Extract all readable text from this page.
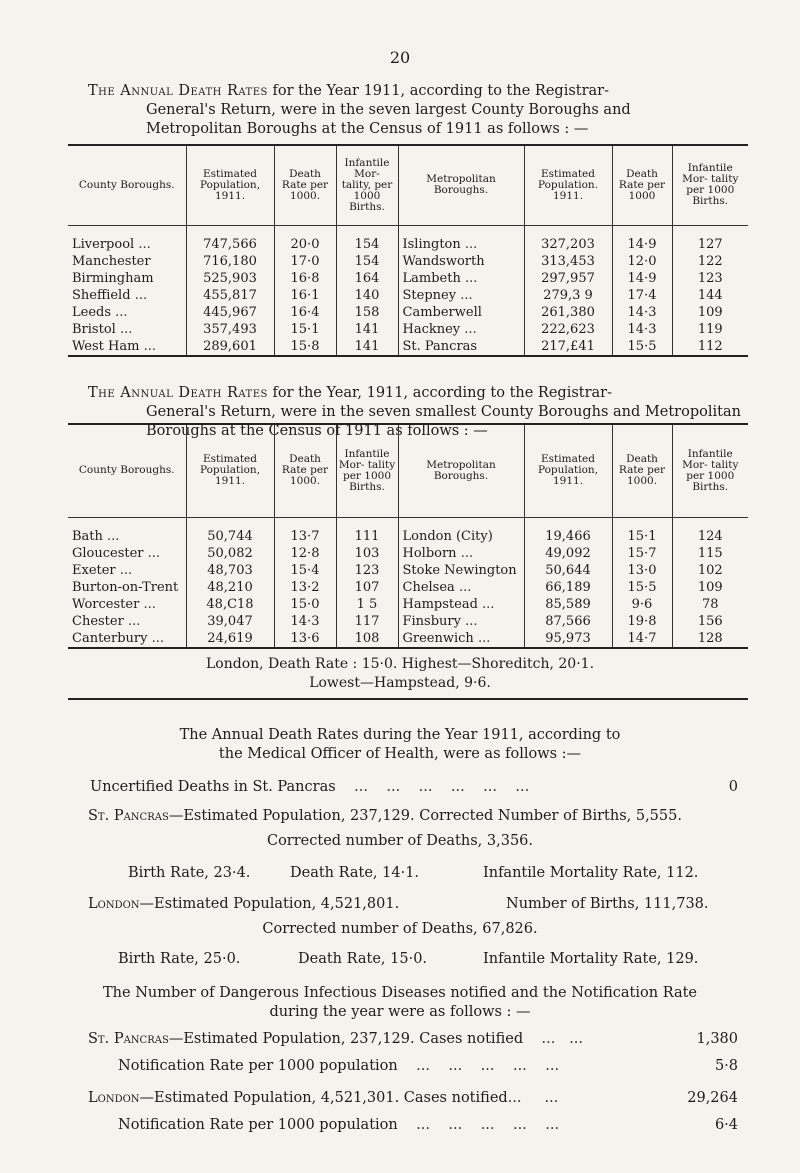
20
The Annual Death Rates for the Year 1911, according to the Registrar-
General's Return, were in the seven largest County Boroughs and
Metropolitan Boroughs at the Census of 1911 as follows : —
County Boroughs.	Estimated Population, 1911.	Death Rate per 1000.	Infantile Mor- tality, per 1000 Births.	Metropolitan Boroughs.	Estimated Population. 1911.	Death Rate per 1000	Infantile Mor- tality per 1000 Births.
Liverpool ...	747,566	20·0	154	Islington ...	327,203	14·9	127
Manchester	716,180	17·0	154	Wandsworth	313,453	12·0	122
Birmingham	525,903	16·8	164	Lambeth ...	297,957	14·9	123
Sheffield ...	455,817	16·1	140	Stepney ...	279,3 9	17·4	144
Leeds ...	445,967	16·4	158	Camberwell	261,380	14·3	109
Bristol ...	357,493	15·1	141	Hackney ...	222,623	14·3	119
West Ham ...	289,601	15·8	141	St. Pancras	217,£41	15·5	112
The Annual Death Rates for the Year, 1911, according to the Registrar-
General's Return, were in the seven smallest County Boroughs and Metropolitan
Boroughs at the Census of 1911 as follows : —
County Boroughs.	Estimated Population, 1911.	Death Rate per 1000.	Infantile Mor- tality per 1000 Births.	Metropolitan Boroughs.	Estimated Population, 1911.	Death Rate per 1000.	Infantile Mor- tality per 1000 Births.
Bath ...	50,744	13·7	111	London (City)	19,466	15·1	124
Gloucester ...	50,082	12·8	103	Holborn ...	49,092	15·7	115
Exeter ...	48,703	15·4	123	Stoke Newington	50,644	13·0	102
Burton-on-Trent	48,210	13·2	107	Chelsea ...	66,189	15·5	109
Worcester ...	48,C18	15·0	1 5	Hampstead ...	85,589	9·6	78
Chester ...	39,047	14·3	117	Finsbury ...	87,566	19·8	156
Canterbury ...	24,619	13·6	108	Greenwich ...	95,973	14·7	128
London, Death Rate : 15·0. Highest—Shoreditch, 20·1.
Lowest—Hampstead, 9·6.
The Annual Death Rates during the Year 1911, according to
the Medical Officer of Health, were as follows :—
Uncertified Deaths in St. Pancras    ...    ...    ...    ...    ...    ...	0
St. Pancras—Estimated Population, 237,129. Corrected Number of Births, 5,555.
Corrected number of Deaths, 3,356.
Birth Rate, 23·4.	Death Rate, 14·1.	Infantile Mortality Rate, 112.
London—Estimated Population, 4,521,801.	Number of Births, 111,738.
Corrected number of Deaths, 67,826.
Birth Rate, 25·0.	Death Rate, 15·0.	Infantile Mortality Rate, 129.
The Number of Dangerous Infectious Diseases notified and the Notification Rate
during the year were as follows : —
St. Pancras—Estimated Population, 237,129. Cases notified    ...   ...	1,380
Notification Rate per 1000 population    ...    ...    ...    ...    ...	5·8
London—Estimated Population, 4,521,301. Cases notified...     ...	29,264
Notification Rate per 1000 population    ...    ...    ...    ...    ...	6·4
